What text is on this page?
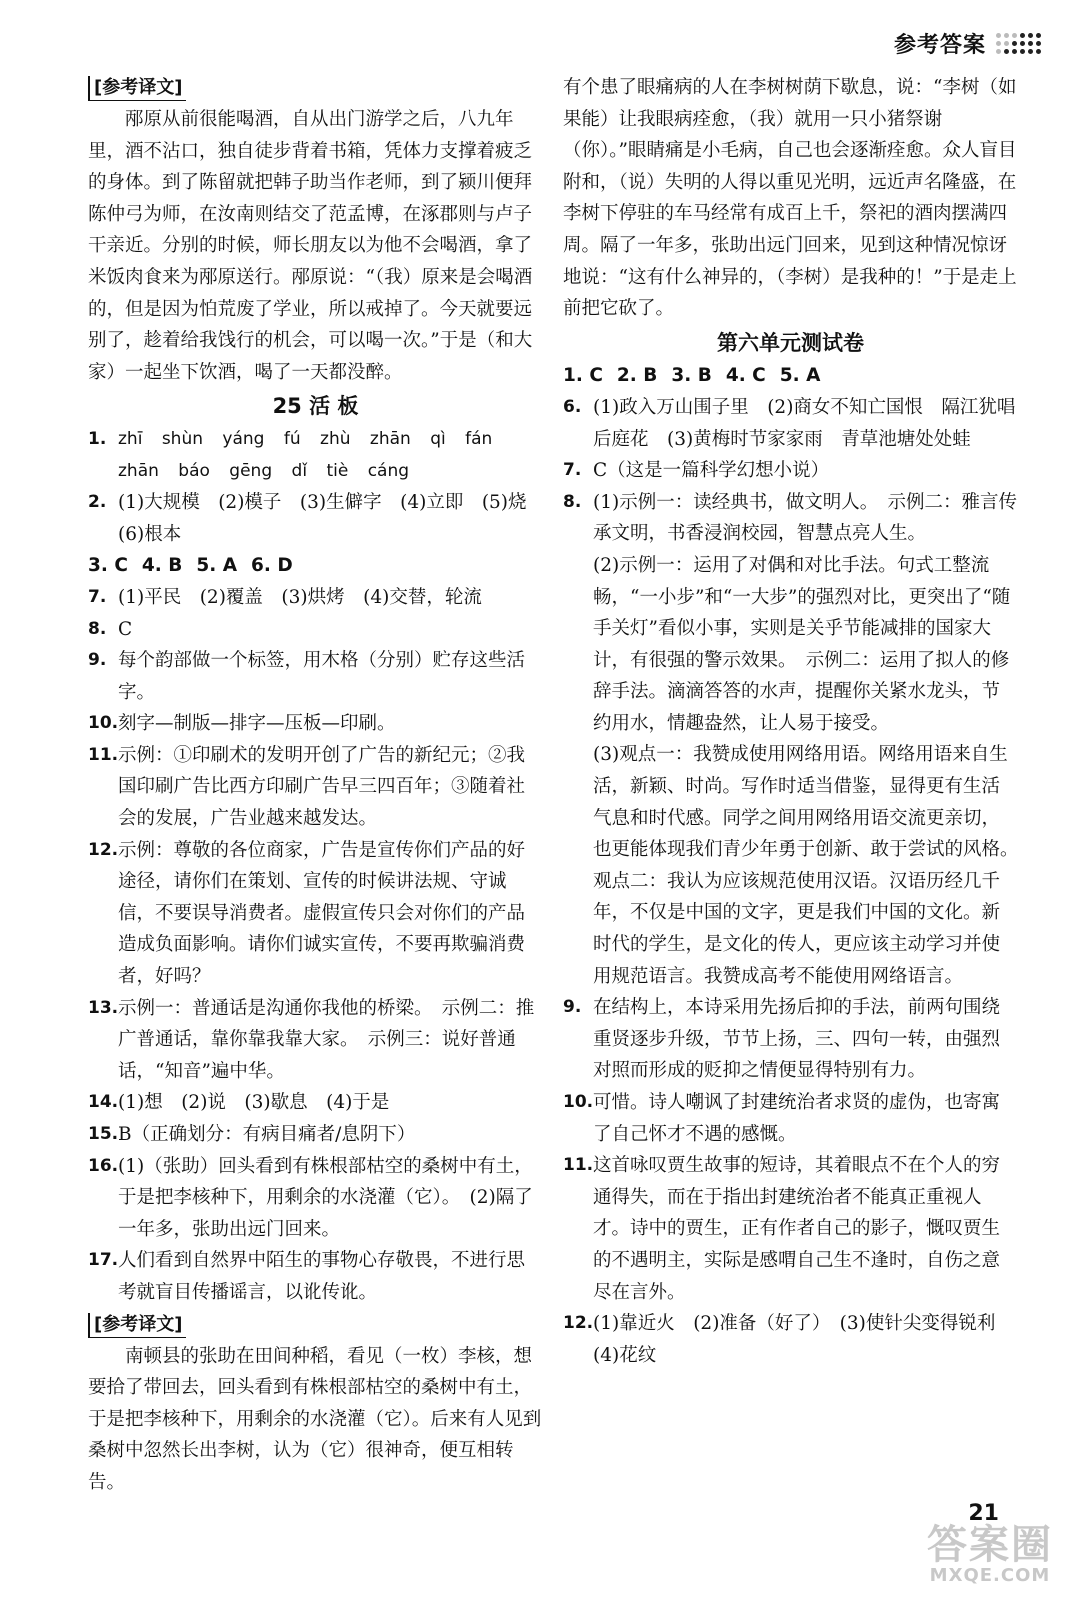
参考答案
[参考译文]

邴原从前很能喝酒，自从出门游学之后，八九年里，酒不沾口，独自徒步背着书箱，凭体力支撑着疲乏的身体。到了陈留就把韩子助当作老师，到了颍川便拜陈仲弓为师，在汝南则结交了范孟博，在涿郡则与卢子干亲近。分别的时候，师长朋友以为他不会喝酒，拿了米饭肉食来为邴原送行。邴原说：“（我）原来是会喝酒的，但是因为怕荒废了学业，所以戒掉了。今天就要远别了，趁着给我饯行的机会，可以喝一次。”于是（和大家）一起坐下饮酒，喝了一天都没醉。

25 活 板
1. zhī shùn yáng fú zhù zhān qì fán
zhān báo gēng dǐ tiè cáng
2. (1)大规模　(2)模子　(3)生僻字　(4)立即　(5)烧　(6)根本
3. C 4. B 5. A 6. D
7. (1)平民　(2)覆盖　(3)烘烤　(4)交替，轮流
8. C
9. 每个韵部做一个标签，用木格（分别）贮存这些活字。
10. 刻字—制版—排字—压板—印刷。
11. 示例：①印刷术的发明开创了广告的新纪元；②我国印刷广告比西方印刷广告早三四百年；③随着社会的发展，广告业越来越发达。
12. 示例：尊敬的各位商家，广告是宣传你们产品的好途径，请你们在策划、宣传的时候讲法规、守诚信，不要误导消费者。虚假宣传只会对你们的产品造成负面影响。请你们诚实宣传，不要再欺骗消费者，好吗？
13. 示例一：普通话是沟通你我他的桥梁。　示例二：推广普通话，靠你靠我靠大家。　示例三：说好普通话，“知音”遍中华。
14. (1)想　(2)说　(3)歇息　(4)于是
15. B（正确划分：有病目痛者/息阴下）
16. (1)（张助）回头看到有株根部枯空的桑树中有土，于是把李核种下，用剩余的水浇灌（它）。　(2)隔了一年多，张助出远门回来。
17. 人们看到自然界中陌生的事物心存敬畏，不进行思考就盲目传播谣言，以讹传讹。
[参考译文]

南顿县的张助在田间种稻，看见（一枚）李核，想要拾了带回去，回头看到有株根部枯空的桑树中有土，于是把李核种下，用剩余的水浇灌（它）。后来有人见到桑树中忽然长出李树，认为（它）很神奇，便互相转告。

有个患了眼痛病的人在李树树荫下歇息，说：“李树（如果能）让我眼病痊愈，（我）就用一只小猪祭谢（你）。”眼睛痛是小毛病，自己也会逐渐痊愈。众人盲目附和，（说）失明的人得以重见光明，远近声名隆盛，在李树下停驻的车马经常有成百上千，祭祀的酒肉摆满四周。隔了一年多，张助出远门回来，见到这种情况惊讶地说：“这有什么神异的，（李树）是我种的！”于是走上前把它砍了。

第六单元测试卷
1. C 2. B 3. B 4. C 5. A
6. (1)政入万山围子里　(2)商女不知亡国恨　隔江犹唱后庭花　(3)黄梅时节家家雨　青草池塘处处蛙
7. C（这是一篇科学幻想小说）
8. (1)示例一：读经典书，做文明人。　示例二：雅言传承文明，书香浸润校园，智慧点亮人生。
(2)示例一：运用了对偶和对比手法。句式工整流畅，“一小步”和“一大步”的强烈对比，更突出了“随手关灯”看似小事，实则是关乎节能减排的国家大计，有很强的警示效果。　示例二：运用了拟人的修辞手法。滴滴答答的水声，提醒你关紧水龙头，节约用水，情趣盎然，让人易于接受。
(3)观点一：我赞成使用网络用语。网络用语来自生活，新颖、时尚。写作时适当借鉴，显得更有生活气息和时代感。同学之间用网络用语交流更亲切，也更能体现我们青少年勇于创新、敢于尝试的风格。　观点二：我认为应该规范使用汉语。汉语历经几千年，不仅是中国的文字，更是我们中国的文化。新时代的学生，是文化的传人，更应该主动学习并使用规范语言。我赞成高考不能使用网络语言。
9. 在结构上，本诗采用先扬后抑的手法，前两句围绕重贤逐步升级，节节上扬，三、四句一转，由强烈对照而形成的贬抑之情便显得特别有力。
10. 可惜。诗人嘲讽了封建统治者求贤的虚伪，也寄寓了自己怀才不遇的感慨。
11. 这首咏叹贾生故事的短诗，其着眼点不在个人的穷通得失，而在于指出封建统治者不能真正重视人才。诗中的贾生，正有作者自己的影子，慨叹贾生的不遇明主，实际是感喟自己生不逢时，自伤之意尽在言外。
12. (1)靠近火　(2)准备（好了）　(3)使针尖变得锐利　(4)花纹
21
答案圈
MXQE.COM
